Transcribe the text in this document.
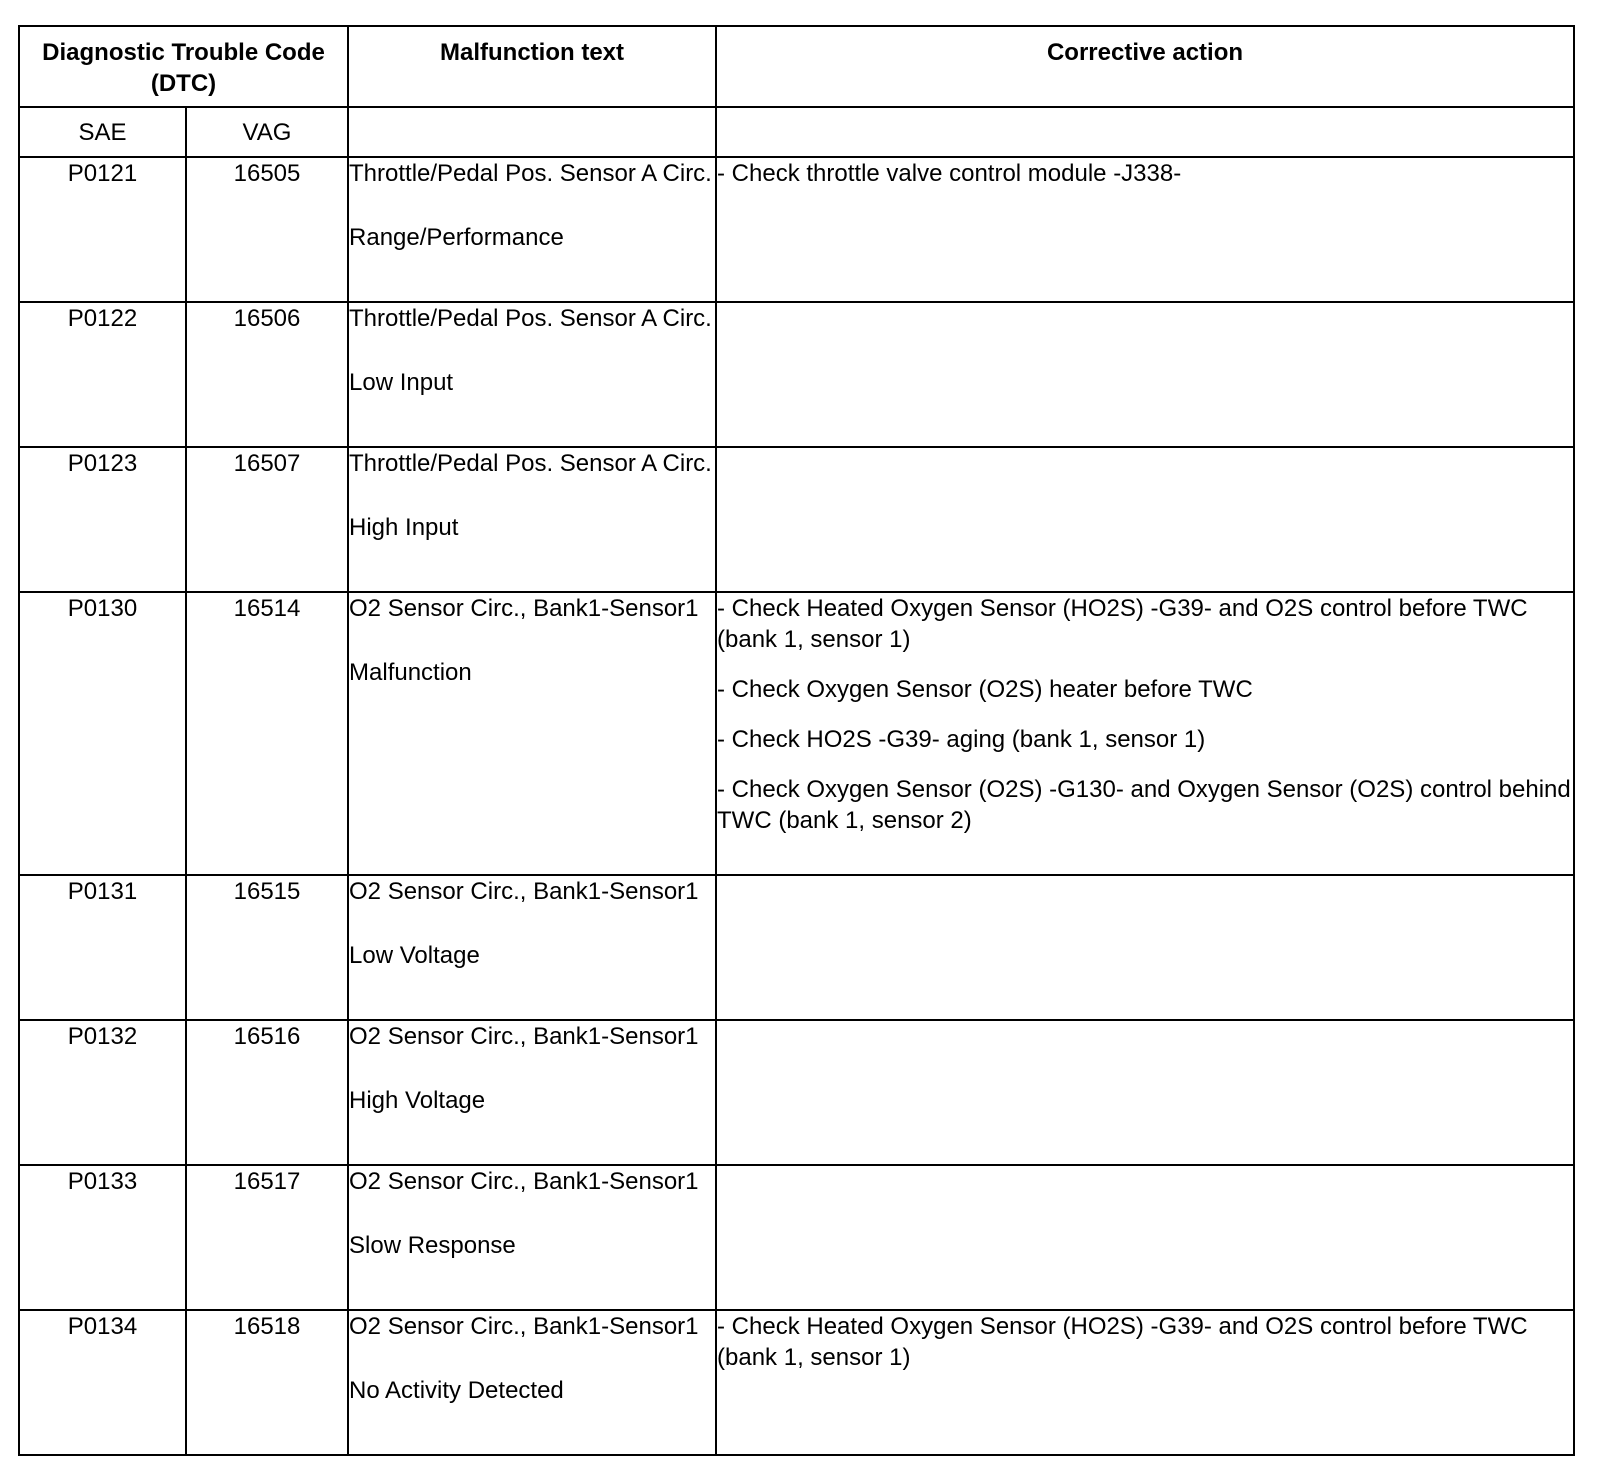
Diagnostic Trouble Code (DTC)		Malfunction text	Corrective action
SAE	VAG		
P0121	16505	Throttle/Pedal Pos. Sensor A Circ.
Range/Performance	- Check throttle valve control module -J338-

P0122	16506	Throttle/Pedal Pos. Sensor A Circ.
Low Input	

P0123	16507	Throttle/Pedal Pos. Sensor A Circ.
High Input	

P0130	16514	O2 Sensor Circ., Bank1-Sensor1
Malfunction	- Check Heated Oxygen Sensor (HO2S) -G39- and O2S control before TWC (bank 1, sensor 1)
- Check Oxygen Sensor (O2S) heater before TWC
- Check HO2S -G39- aging (bank 1, sensor 1)
- Check Oxygen Sensor (O2S) -G130- and Oxygen Sensor (O2S) control behind TWC (bank 1, sensor 2)

P0131	16515	O2 Sensor Circ., Bank1-Sensor1
Low Voltage	

P0132	16516	O2 Sensor Circ., Bank1-Sensor1
High Voltage	

P0133	16517	O2 Sensor Circ., Bank1-Sensor1
Slow Response	

P0134	16518	O2 Sensor Circ., Bank1-Sensor1
No Activity Detected	- Check Heated Oxygen Sensor (HO2S) -G39- and O2S control before TWC (bank 1, sensor 1)
